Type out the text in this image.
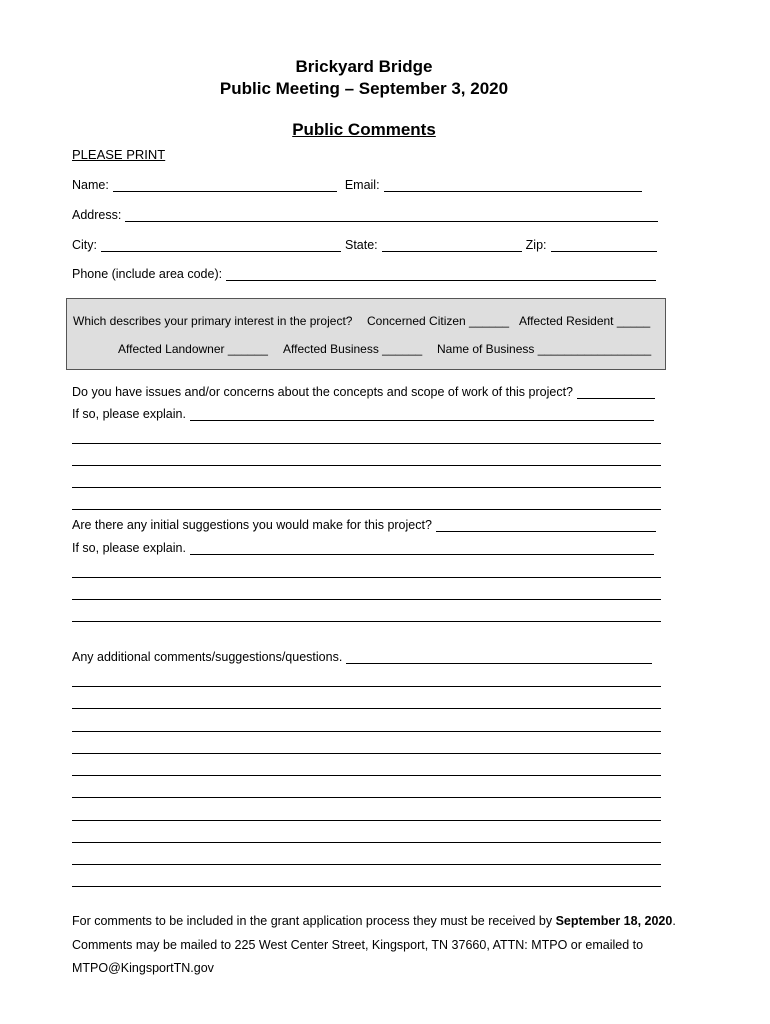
Brickyard Bridge
Public Meeting – September 3, 2020
Public Comments
PLEASE PRINT
Name:	Email:
Address:
City:	State:	Zip:
Phone (include area code):
Which describes your primary interest in the project? Concerned Citizen ______ Affected Resident _____
Affected Landowner ______ Affected Business ______ Name of Business _________________
Do you have issues and/or concerns about the concepts and scope of work of this project?
If so, please explain.
Are there any initial suggestions you would make for this project?
If so, please explain.
Any additional comments/suggestions/questions.
For comments to be included in the grant application process they must be received by September 18, 2020.
Comments may be mailed to 225 West Center Street, Kingsport, TN 37660, ATTN: MTPO or emailed to
MTPO@KingsportTN.gov
